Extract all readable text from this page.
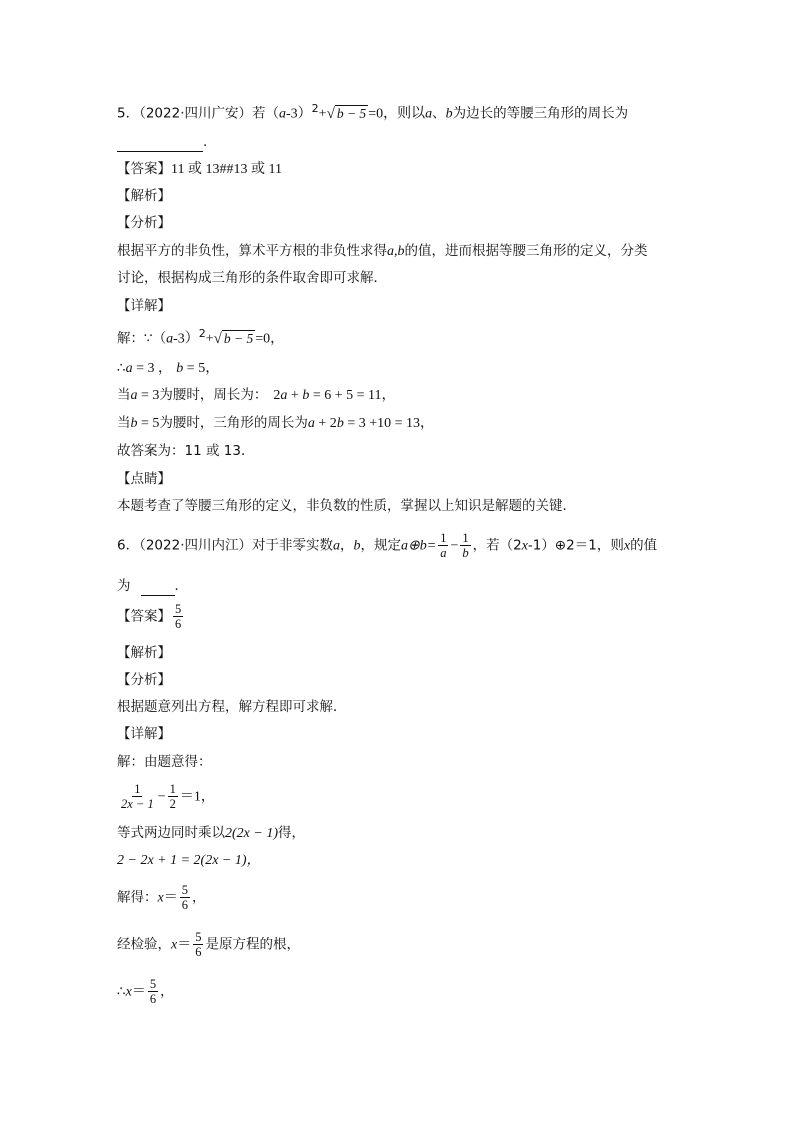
5．（2022·四川广安）若$(a-3)^2+√$ b − 5 =0，则以a、b为边长的等腰三角形的周长为
.
【答案】11 或 13##13 或 11
【解析】
【分析】
根据平方的非负性，算术平方根的非负性求得a,b的值，进而根据等腰三角形的定义，分类
讨论，根据构成三角形的条件取舍即可求解．
【详解】
解：$\because(a-3)^2+√$ b − 5 =0，
∴a = 3 ， b = 5，
当a = 3为腰时，周长为： 2a + b = 6 + 5 = 11，
当b = 5为腰时，三角形的周长为a + 2b = 3 +10 = 13，
故答案为：11 或 13．
【点睛】
本题考查了等腰三角形的定义，非负数的性质，掌握以上知识是解题的关键．
6．（2022·四川内江）对于非零实数a，b，规定a⊕b= $\frac{1}{a} - \frac{1}{b}$ ，若（2x-1）⊕2＝1，则x的值
为	．
【答案】 $\frac{5}{6}$
【解析】
【分析】
根据题意列出方程，解方程即可求解．
【详解】
解：由题意得：
$\frac{1}{2x - 1} - \frac{1}{2} =1$，
等式两边同时乘以2(2x − 1)得，
2 − 2x + 1 = 2(2x − 1)，
解得：$x= \frac{5}{6}$ ，
经检验，$x= \frac{5}{6}$ 是原方程的根，
∴x＝ $\frac{5}{6}$ ，
